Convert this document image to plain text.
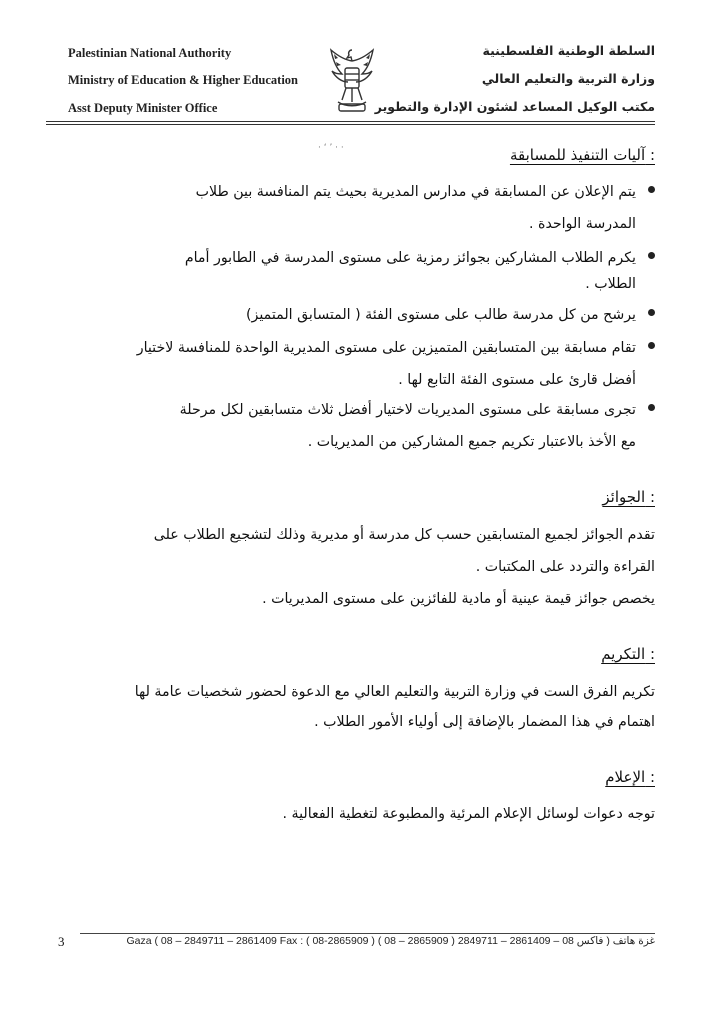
Palestinian National Authority
Ministry of Education & Higher Education
Asst Deputy Minister Office
السلطة الوطنية الفلسطينية
وزارة التربية والتعليم العالي
مكتب الوكيل المساعد لشئون الإدارة والتطوير
· ‘ ʼ · ·	آليات التنفيذ للمسابقة :
يتم الإعلان عن المسابقة في مدارس المديرية بحيث يتم المنافسة بين طلاب
المدرسة الواحدة .
يكرم الطلاب المشاركين بجوائز رمزية على مستوى المدرسة في الطابور أمام
الطلاب .
يرشح من كل مدرسة طالب على مستوى الفئة ( المتسابق المتميز)
تقام مسابقة بين المتسابقين المتميزين على مستوى المديرية الواحدة للمنافسة لاختيار
أفضل قارئ على مستوى الفئة التابع لها .
تجرى مسابقة على مستوى المديريات لاختيار أفضل ثلاث متسابقين لكل مرحلة
مع الأخذ بالاعتبار تكريم جميع المشاركين من المديريات .
الجوائز :
تقدم الجوائز لجميع المتسابقين حسب كل مدرسة أو مديرية وذلك لتشجيع الطلاب على
القراءة والتردد على المكتبات .
يخصص جوائز قيمة عينية أو مادية للفائزين على مستوى المديريات .
التكريم :
تكريم الفرق الست في وزارة التربية والتعليم العالي مع الدعوة لحضور شخصيات عامة لها
اهتمام في هذا المضمار بالإضافة إلى أولياء الأمور الطلاب .
الإعلام :
توجه دعوات لوسائل الإعلام المرئية والمطبوعة لتغطية الفعالية .
3	Gaza ( 08 – 2849711 – 2861409 Fax : ( 08-2865909 ) ( 08 – 2865909 ) فاكس 08 – 2861409 – 2849711 ) غزة هاتف
